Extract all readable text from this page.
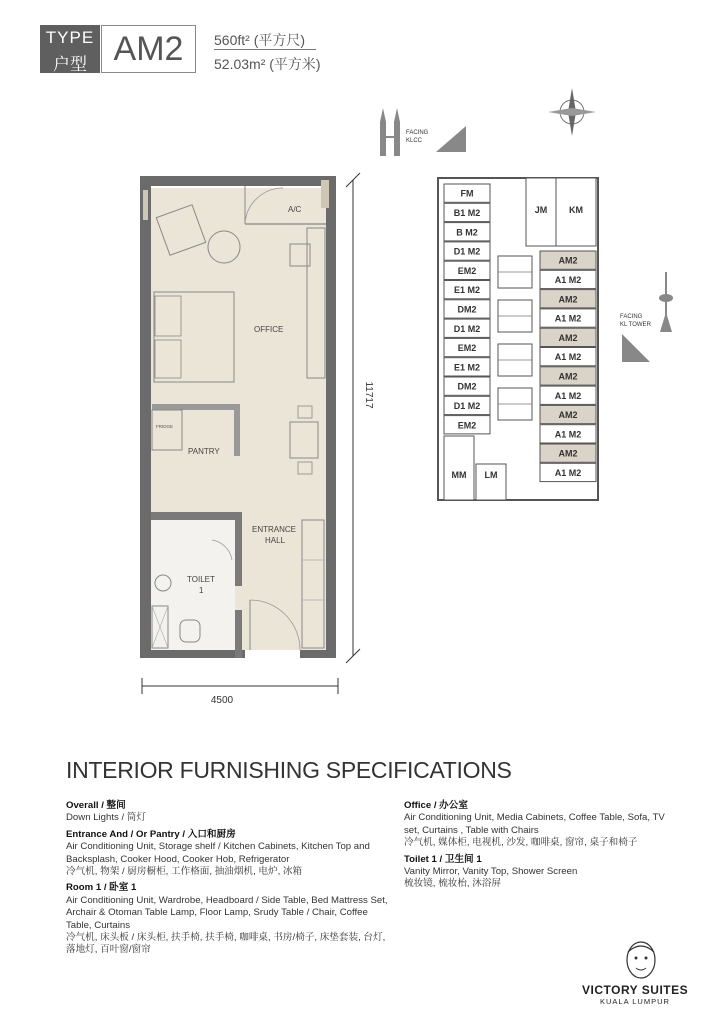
TYPE
户型 AM2	560ft² (平方尺)
52.03m² (平方米)
A/C
OFFICE
FRIDGE
PANTRY
ENTRANCE
HALL
TOILET
1
11717
4500
FACING
KLCC
FACING
KL TOWER
FM
B1 M2
B M2
D1 M2
EM2
E1 M2
DM2
D1 M2
EM2
E1 M2
DM2
D1 M2
EM2
AM2
A1 M2
AM2
A1 M2
AM2
A1 M2
AM2
A1 M2
AM2
A1 M2
AM2
A1 M2
JM KM
MM LM
INTERIOR FURNISHING SPECIFICATIONS
Overall / 整间
Down Lights / 筒灯
Entrance And / Or Pantry / 入口和厨房
Air Conditioning Unit, Storage shelf / Kitchen Cabinets, Kitchen Top and Backsplash, Cooker Hood, Cooker Hob, Refrigerator
冷气机, 物架 / 厨房橱柜, 工作格面, 抽油烟机, 电炉, 冰箱
Room 1 / 卧室 1
Air Conditioning Unit, Wardrobe, Headboard / Side Table, Bed Mattress Set, Archair & Otoman Table Lamp, Floor Lamp, Srudy Table / Chair, Coffee Table, Curtains
冷气机, 床头板 / 床头柜, 扶手椅, 扶手椅, 咖啡桌, 书房/椅子, 床垫套装, 台灯, 落地灯, 百叶窗/窗帘
Office / 办公室
Air Conditioning Unit, Media Cabinets, Coffee Table, Sofa, TV set, Curtains , Table with Chairs
冷气机, 媒体柜, 电视机, 沙发, 咖啡桌, 窗帘, 桌子和椅子
Toilet 1 / 卫生间 1
Vanity Mirror, Vanity Top, Shower Screen
梳妆镜, 梳妆枱, 沐浴屏
VICTORY SUITES
KUALA LUMPUR
